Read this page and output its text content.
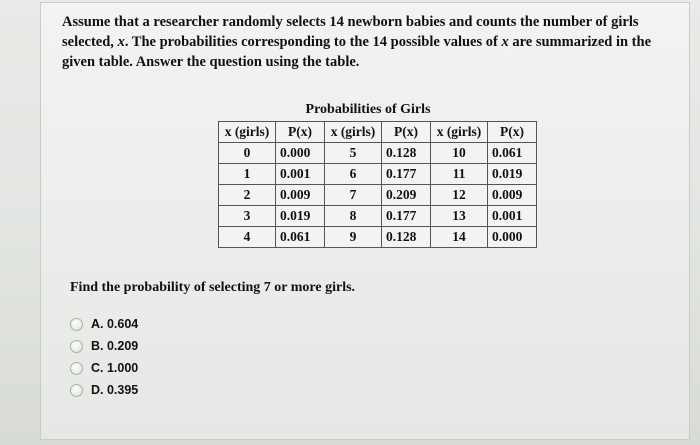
Assume that a researcher randomly selects 14 newborn babies and counts the number of girls
selected, x. The probabilities corresponding to the 14 possible values of x are summarized in the
given table. Answer the question using the table.
Probabilities of Girls
x (girls)	P(x)	x (girls)	P(x)	x (girls)	P(x)
0	0.000	5	0.128	10	0.061
1	0.001	6	0.177	11	0.019
2	0.009	7	0.209	12	0.009
3	0.019	8	0.177	13	0.001
4	0.061	9	0.128	14	0.000
Find the probability of selecting 7 or more girls.
A. 0.604
B. 0.209
C. 1.000
D. 0.395
